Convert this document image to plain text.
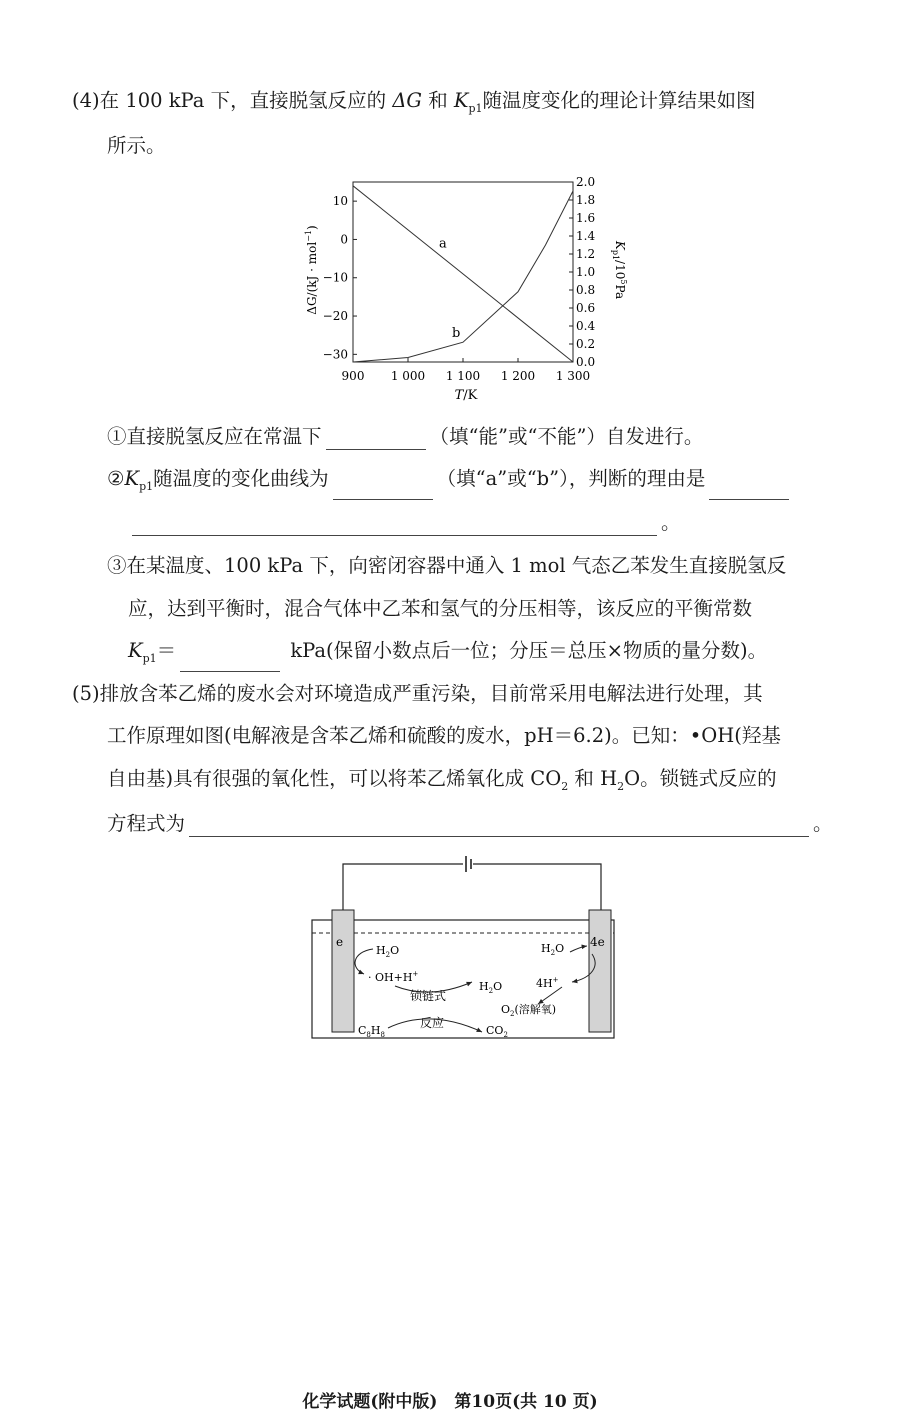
(4)在 100 kPa 下，直接脱氢反应的 ΔG 和 $K_{p1}$随温度变化的理论计算结果如图
所示。
10
0
−10
−20
−30
2.0
1.8
1.6
1.4
1.2
1.0
0.8
0.6
0.4
0.2
0.0
900 1 000 1 100 1 200 1 300
a
b
T/K
ΔG/(kJ · mol$^{-1}$)
$K_{p1}/10^5Pa$
①直接脱氢反应在常温下	（填“能”或“不能”）自发进行。
$②K_{p1}$随温度的变化曲线为	（填“a”或“b”），判断的理由是
。
③在某温度、100 kPa 下，向密闭容器中通入 1 mol 气态乙苯发生直接脱氢反
应，达到平衡时，混合气体中乙苯和氢气的分压相等，该反应的平衡常数
$K_{p1}=$	kPa(保留小数点后一位；分压＝总压×物质的量分数)。
(5)排放含苯乙烯的废水会对环境造成严重污染，目前常采用电解法进行处理，其
工作原理如图(电解液是含苯乙烯和硫酸的废水，pH＝6.2)。已知：•OH(羟基
自由基)具有很强的氧化性，可以将苯乙烯氧化成 $CO_2$ 和 $H_2O$。锁链式反应的
方程式为	。
e
$H_2O$
· OH+H+
锁链式
反应
$C_8H_8$
$H_2O$
$CO_2$
$O_2$(溶解氧)
4H+
$H_2O$ 4e
化学试题(附中版)　第10页(共 10 页)
